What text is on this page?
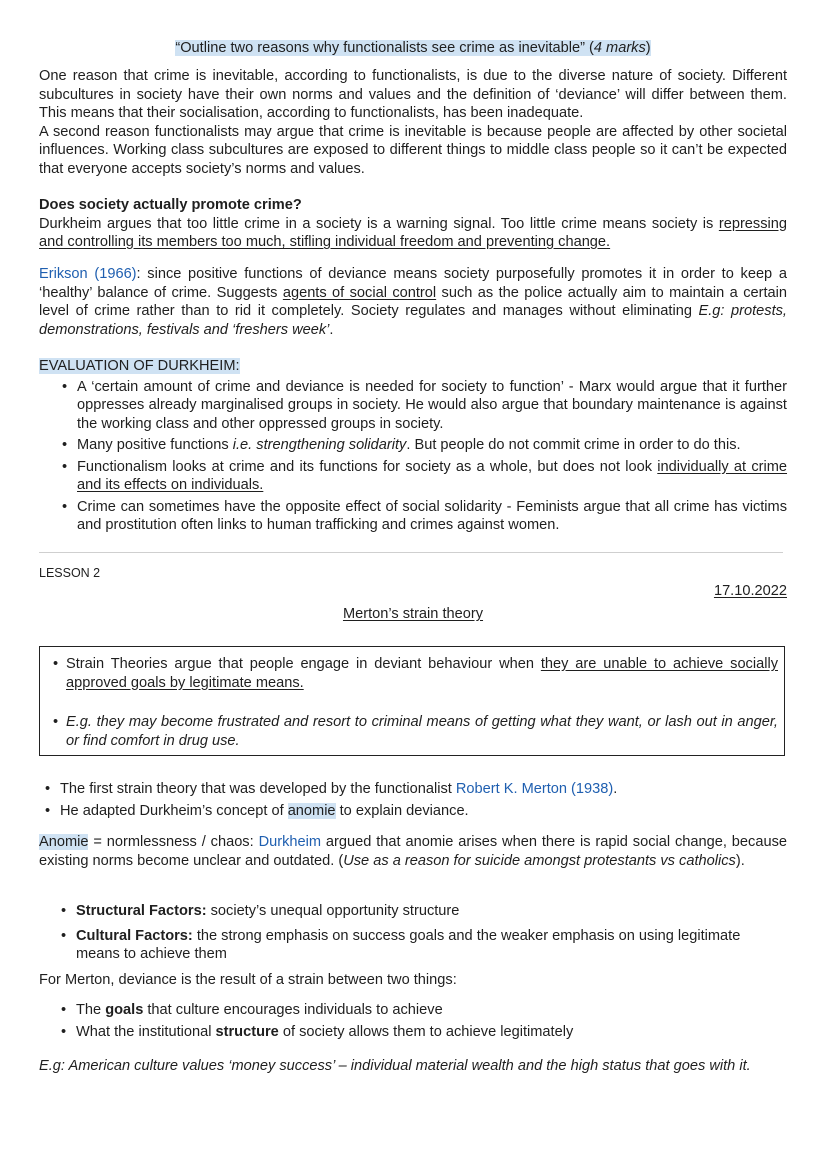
“Outline two reasons why functionalists see crime as inevitable” (4 marks)

One reason that crime is inevitable, according to functionalists, is due to the diverse nature of society. Different subcultures in society have their own norms and values and the definition of ‘deviance’ will differ between them. This means that their socialisation, according to functionalists, has been inadequate.

A second reason functionalists may argue that crime is inevitable is because people are affected by other societal influences. Working class subcultures are exposed to different things to middle class people so it can’t be expected that everyone accepts society’s norms and values.

Does society actually promote crime?

Durkheim argues that too little crime in a society is a warning signal. Too little crime means society is repressing and controlling its members too much, stifling individual freedom and preventing change.

Erikson (1966): since positive functions of deviance means society purposefully promotes it in order to keep a ‘healthy’ balance of crime. Suggests agents of social control such as the police actually aim to maintain a certain level of crime rather than to rid it completely. Society regulates and manages without eliminating E.g: protests, demonstrations, festivals and ‘freshers week’.

EVALUATION OF DURKHEIM:

• A ‘certain amount of crime and deviance is needed for society to function’ - Marx would argue that it further oppresses already marginalised groups in society. He would also argue that boundary maintenance is against the working class and other oppressed groups in society.
• Many positive functions i.e. strengthening solidarity. But people do not commit crime in order to do this.
• Functionalism looks at crime and its functions for society as a whole, but does not look individually at crime and its effects on individuals.
• Crime can sometimes have the opposite effect of social solidarity - Feminists argue that all crime has victims and prostitution often links to human trafficking and crimes against women.

LESSON 2

17.10.2022

Merton’s strain theory

• Strain Theories argue that people engage in deviant behaviour when they are unable to achieve socially approved goals by legitimate means.
• E.g. they may become frustrated and resort to criminal means of getting what they want, or lash out in anger, or find comfort in drug use.
• The first strain theory that was developed by the functionalist Robert K. Merton (1938).
• He adapted Durkheim’s concept of anomie to explain deviance.

Anomie = normlessness / chaos: Durkheim argued that anomie arises when there is rapid social change, because existing norms become unclear and outdated. (Use as a reason for suicide amongst protestants vs catholics).

• Structural Factors: society’s unequal opportunity structure
• Cultural Factors: the strong emphasis on success goals and the weaker emphasis on using legitimate means to achieve them

For Merton, deviance is the result of a strain between two things:

• The goals that culture encourages individuals to achieve
• What the institutional structure of society allows them to achieve legitimately

E.g: American culture values ‘money success’ – individual material wealth and the high status that goes with it.
